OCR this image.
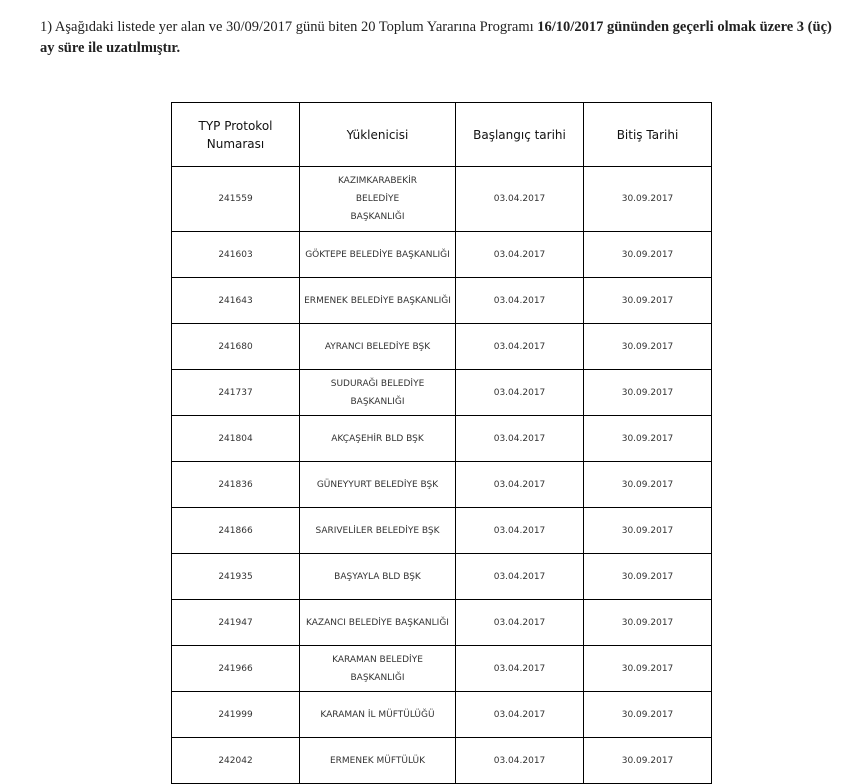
1) Aşağıdaki listede yer alan ve 30/09/2017 günü biten 20 Toplum Yararına Programı 16/10/2017 gününden geçerli olmak üzere 3 (üç) ay süre ile uzatılmıştır.

TYP Protokol Numarası	Yüklenicisi	Başlangıç tarihi	Bitiş Tarihi
241559	KAZIMKARABEKİR BELEDİYE BAŞKANLIĞI	03.04.2017	30.09.2017
241603	GÖKTEPE BELEDİYE BAŞKANLIĞI	03.04.2017	30.09.2017
241643	ERMENEK BELEDİYE BAŞKANLIĞI	03.04.2017	30.09.2017
241680	AYRANCI BELEDİYE BŞK	03.04.2017	30.09.2017
241737	SUDURAĞI BELEDİYE BAŞKANLIĞI	03.04.2017	30.09.2017
241804	AKÇAŞEHİR BLD BŞK	03.04.2017	30.09.2017
241836	GÜNEYYURT BELEDİYE BŞK	03.04.2017	30.09.2017
241866	SARIVELİLER BELEDİYE BŞK	03.04.2017	30.09.2017
241935	BAŞYAYLA BLD BŞK	03.04.2017	30.09.2017
241947	KAZANCI BELEDİYE BAŞKANLIĞI	03.04.2017	30.09.2017
241966	KARAMAN BELEDİYE BAŞKANLIĞI	03.04.2017	30.09.2017
241999	KARAMAN İL MÜFTÜLÜĞÜ	03.04.2017	30.09.2017
242042	ERMENEK MÜFTÜLÜK	03.04.2017	30.09.2017
